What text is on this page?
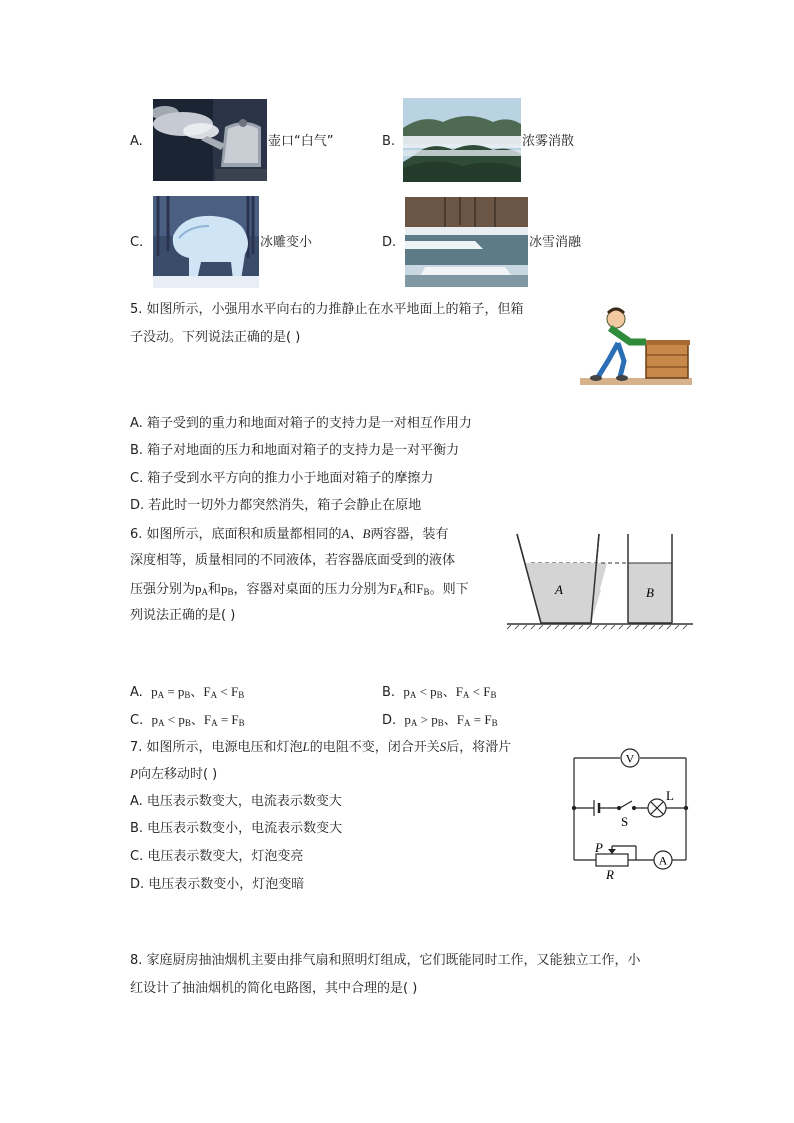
A.	壶口“白气”	B.	浓雾消散
C.	冰雕变小	D.	冰雪消融
5. 如图所示，小强用水平向右的力推静止在水平地面上的箱子，但箱
子没动。下列说法正确的是( )
A. 箱子受到的重力和地面对箱子的支持力是一对相互作用力
B. 箱子对地面的压力和地面对箱子的支持力是一对平衡力
C. 箱子受到水平方向的推力小于地面对箱子的摩擦力
D. 若此时一切外力都突然消失，箱子会静止在原地
6. 如图所示，底面积和质量都相同的A、B两容器，装有
深度相等，质量相同的不同液体，若容器底面受到的液体
压强分别为$p_A$和$p_B$，容器对桌面的压力分别为$F_A$和$F_B$。则下
列说法正确的是( )
A	B
A. $p_A = p_B$、$F_A < F_B$	B. $p_A < p_B$、$F_A < F_B$
C. $p_A < p_B$、$F_A = F_B$	D. $p_A > p_B$、$F_A = F_B$
7. 如图所示，电源电压和灯泡L的电阻不变，闭合开关S后，将滑片
P向左移动时( )
A. 电压表示数变大，电流表示数变大
B. 电压表示数变小，电流表示数变大
C. 电压表示数变大，灯泡变亮
D. 电压表示数变小，灯泡变暗
V
A
L
S
P
R
8. 家庭厨房抽油烟机主要由排气扇和照明灯组成，它们既能同时工作，又能独立工作，小
红设计了抽油烟机的简化电路图，其中合理的是( )
